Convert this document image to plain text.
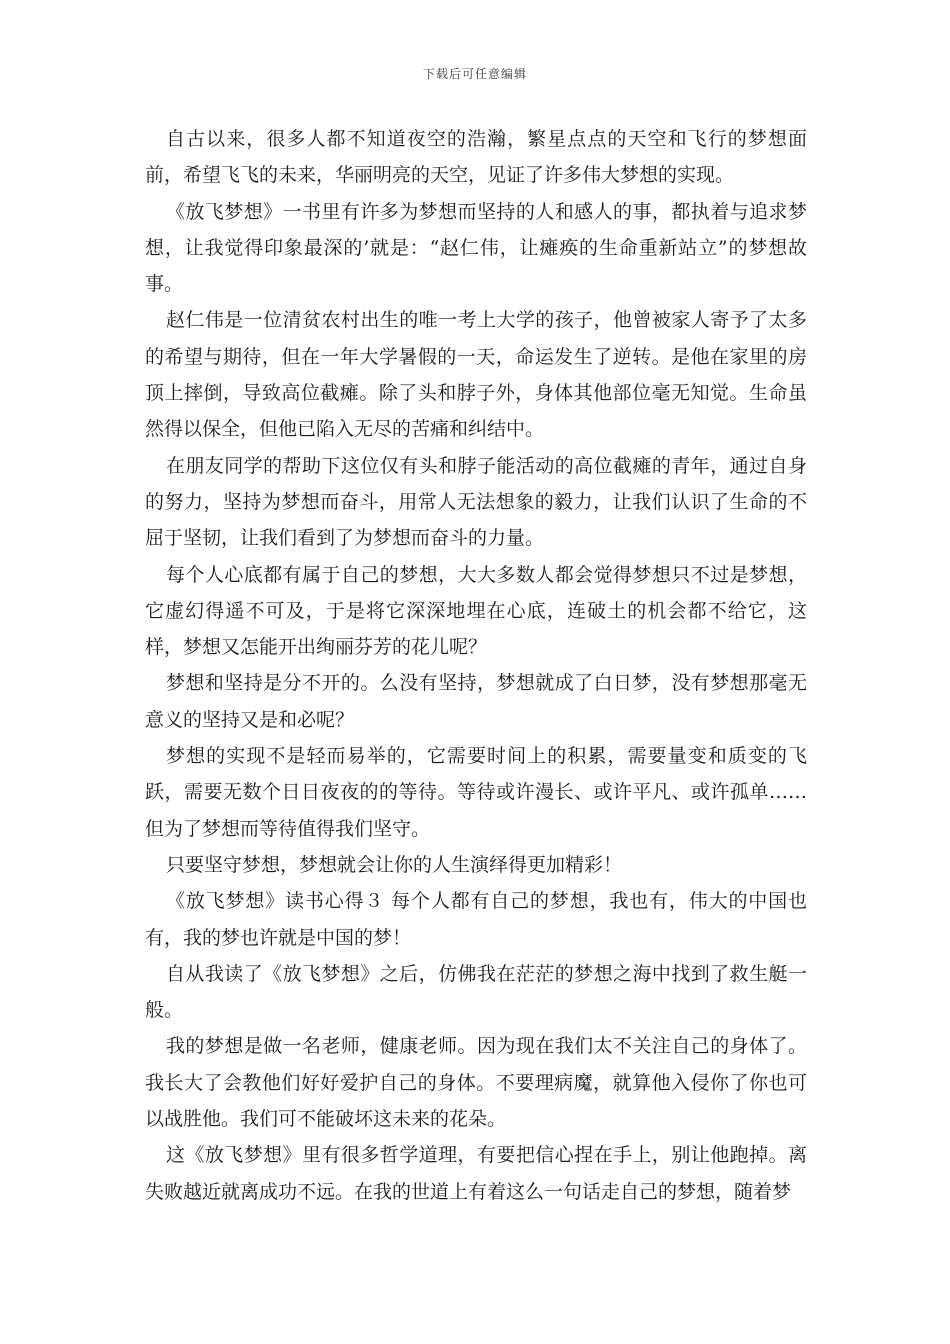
下载后可任意编辑

自古以来，很多人都不知道夜空的浩瀚，繁星点点的天空和飞行的梦想面前，希望飞飞的未来，华丽明亮的天空，见证了许多伟大梦想的实现。

《放飞梦想》一书里有许多为梦想而坚持的人和感人的事，都执着与追求梦想，让我觉得印象最深的’就是：“赵仁伟，让瘫痪的生命重新站立”的梦想故事。

赵仁伟是一位清贫农村出生的唯一考上大学的孩子，他曾被家人寄予了太多的希望与期待，但在一年大学暑假的一天，命运发生了逆转。是他在家里的房顶上摔倒，导致高位截瘫。除了头和脖子外，身体其他部位毫无知觉。生命虽然得以保全，但他已陷入无尽的苦痛和纠结中。

在朋友同学的帮助下这位仅有头和脖子能活动的高位截瘫的青年，通过自身的努力，坚持为梦想而奋斗，用常人无法想象的毅力，让我们认识了生命的不屈于坚韧，让我们看到了为梦想而奋斗的力量。

每个人心底都有属于自己的梦想，大大多数人都会觉得梦想只不过是梦想，它虚幻得遥不可及，于是将它深深地埋在心底，连破土的机会都不给它，这样，梦想又怎能开出绚丽芬芳的花儿呢？

梦想和坚持是分不开的。么没有坚持，梦想就成了白日梦，没有梦想那毫无意义的坚持又是和必呢？

梦想的实现不是轻而易举的，它需要时间上的积累，需要量变和质变的飞跃，需要无数个日日夜夜的的等待。等待或许漫长、或许平凡、或许孤单……但为了梦想而等待值得我们坚守。

只要坚守梦想，梦想就会让你的人生演绎得更加精彩！

《放飞梦想》读书心得３ 每个人都有自己的梦想，我也有，伟大的中国也有，我的梦也许就是中国的梦！

自从我读了《放飞梦想》之后，仿佛我在茫茫的梦想之海中找到了救生艇一般。

我的梦想是做一名老师，健康老师。因为现在我们太不关注自己的身体了。我长大了会教他们好好爱护自己的身体。不要理病魔，就算他入侵你了你也可以战胜他。我们可不能破坏这未来的花朵。

这《放飞梦想》里有很多哲学道理，有要把信心捏在手上，别让他跑掉。离失败越近就离成功不远。在我的世道上有着这么一句话走自己的梦想，随着梦
